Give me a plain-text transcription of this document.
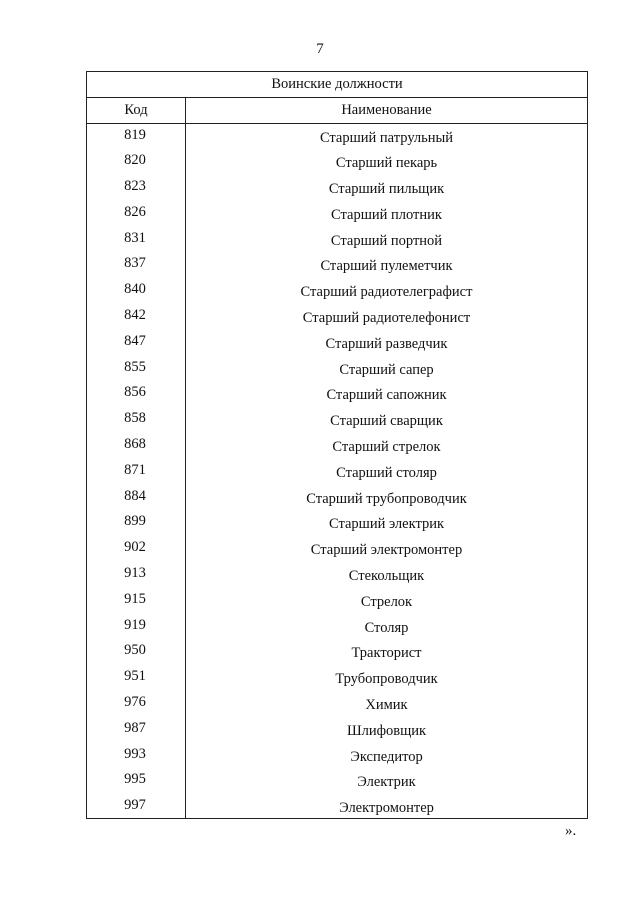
7
Воинские должности	
Код	Наименование
819	Старший патрульный
820	Старший пекарь
823	Старший пильщик
826	Старший плотник
831	Старший портной
837	Старший пулеметчик
840	Старший радиотелеграфист
842	Старший радиотелефонист
847	Старший разведчик
855	Старший сапер
856	Старший сапожник
858	Старший сварщик
868	Старший стрелок
871	Старший столяр
884	Старший трубопроводчик
899	Старший электрик
902	Старший электромонтер
913	Стекольщик
915	Стрелок
919	Столяр
950	Тракторист
951	Трубопроводчик
976	Химик
987	Шлифовщик
993	Экспедитор
995	Электрик
997	Электромонтер
».
